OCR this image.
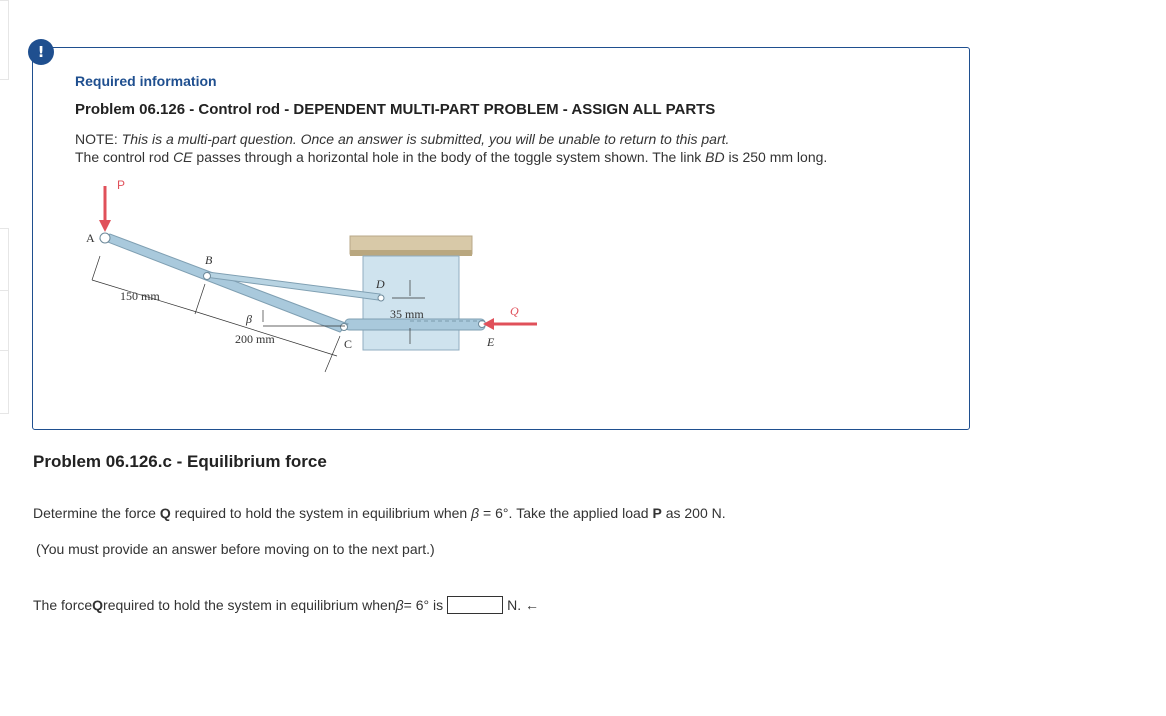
!
Required information
Problem 06.126 - Control rod - DEPENDENT MULTI-PART PROBLEM - ASSIGN ALL PARTS
NOTE: This is a multi-part question. Once an answer is submitted, you will be unable to return to this part.
The control rod CE passes through a horizontal hole in the body of the toggle system shown. The link BD is 250 mm long.
P
A
B
C
D
E
Q
β
150 mm
200 mm
35 mm
Problem 06.126.c - Equilibrium force
Determine the force Q required to hold the system in equilibrium when β = 6°. Take the applied load P as 200 N.
(You must provide an answer before moving on to the next part.)
The force Q required to hold the system in equilibrium when β = 6° is	N. ←
